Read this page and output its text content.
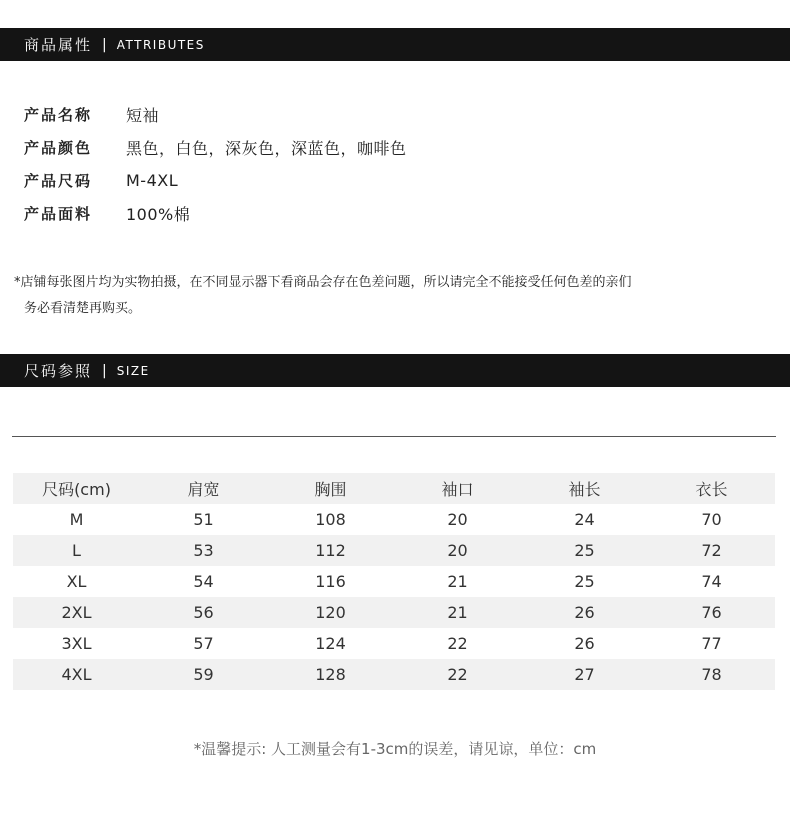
商品属性 | ATTRIBUTES
产品名称	短袖
产品颜色	黑色，白色，深灰色，深蓝色，咖啡色
产品尺码	M-4XL
产品面料	100%棉
*店铺每张图片均为实物拍摄，在不同显示器下看商品会存在色差问题，所以请完全不能接受任何色差的亲们
务必看清楚再购买。
尺码参照 | SIZE
尺码(cm)	肩宽	胸围	袖口	袖长	衣长
M	51	108	20	24	70
L	53	112	20	25	72
XL	54	116	21	25	74
2XL	56	120	21	26	76
3XL	57	124	22	26	77
4XL	59	128	22	27	78
*温馨提示: 人工测量会有1-3cm的误差，请见谅，单位：cm
